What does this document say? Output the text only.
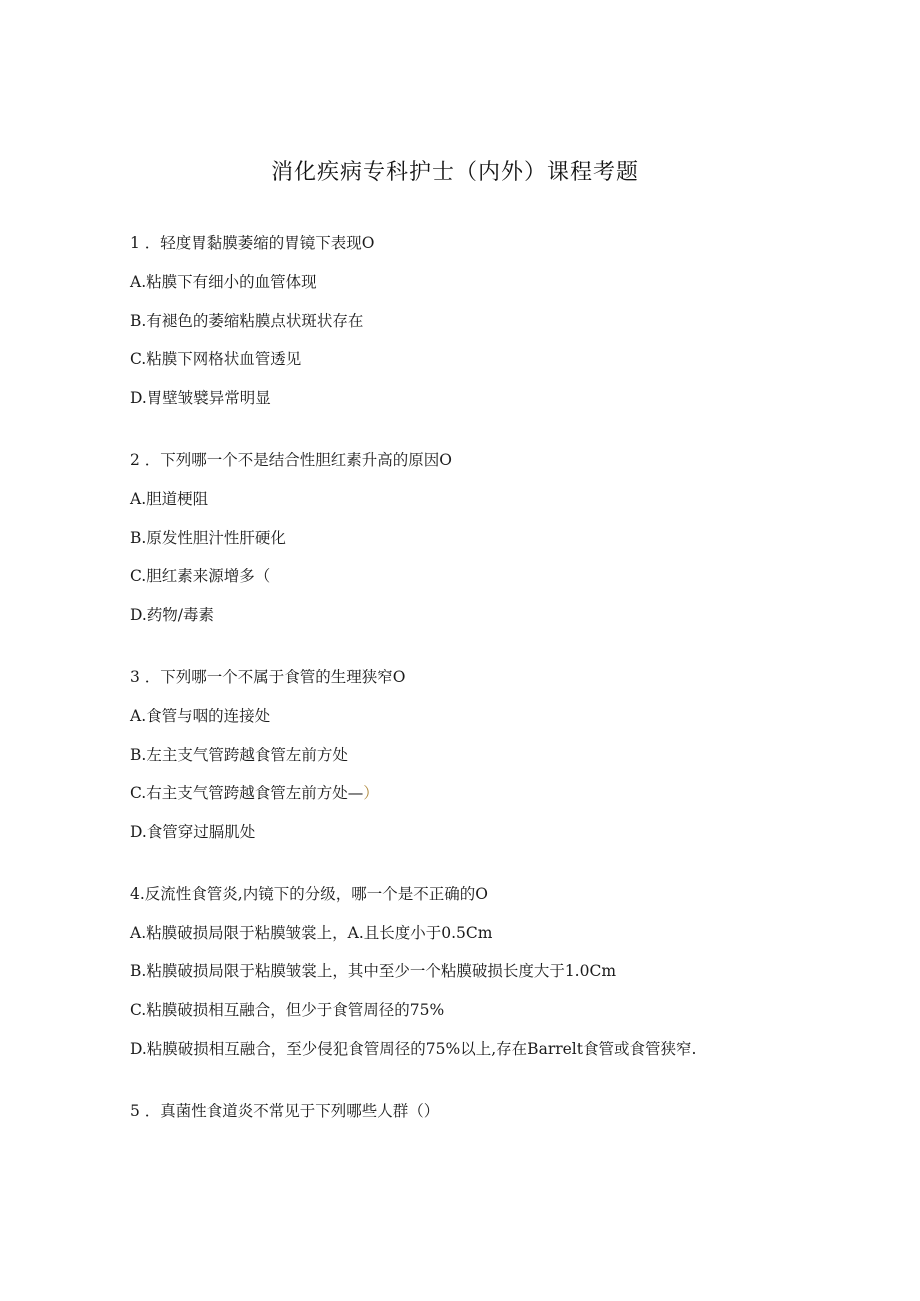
消化疾病专科护士（内外）课程考题
1 ．轻度胃黏膜萎缩的胃镜下表现O
A.粘膜下有细小的血管体现
B.有褪色的萎缩粘膜点状斑状存在
C.粘膜下网格状血管透见
D.胃壁皱襞异常明显
2 ．下列哪一个不是结合性胆红素升高的原因O
A.胆道梗阻
B.原发性胆汁性肝硬化
C.胆红素来源增多（
D.药物/毒素
3 ．下列哪一个不属于食管的生理狭窄O
A.食管与咽的连接处
B.左主支气管跨越食管左前方处
C.右主支气管跨越食管左前方处—）
D.食管穿过膈肌处
4.反流性食管炎,内镜下的分级，哪一个是不正确的O
A.粘膜破损局限于粘膜皱裳上，A.且长度小于0.5Cm
B.粘膜破损局限于粘膜皱裳上，其中至少一个粘膜破损长度大于1.0Cm
C.粘膜破损相互融合，但少于食管周径的75%
D.粘膜破损相互融合，至少侵犯食管周径的75%以上,存在Barrelt食管或食管狭窄.
5 ．真菌性食道炎不常见于下列哪些人群（）
